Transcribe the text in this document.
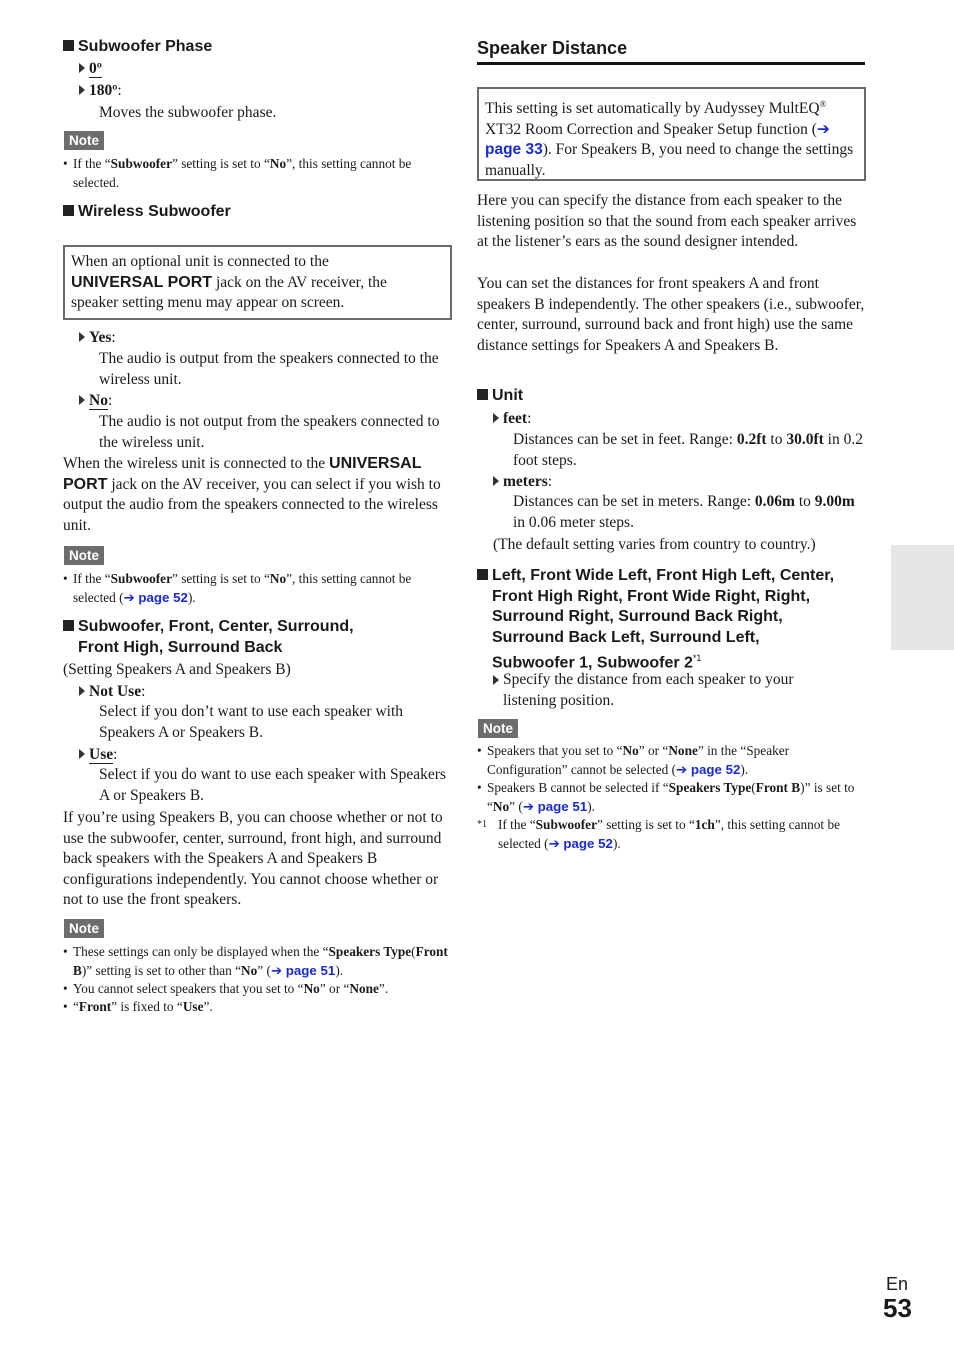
Subwoofer Phase
0º
180º:
Moves the subwoofer phase.
Note
• If the “Subwoofer” setting is set to “No”, this setting cannot be selected.
Wireless Subwoofer
When an optional unit is connected to the
UNIVERSAL PORT jack on the AV receiver, the
speaker setting menu may appear on screen.
Yes:
The audio is output from the speakers connected to the wireless unit.
No:
The audio is not output from the speakers connected to the wireless unit.
When the wireless unit is connected to the UNIVERSAL PORT jack on the AV receiver, you can select if you wish to output the audio from the speakers connected to the wireless unit.
Note
• If the “Subwoofer” setting is set to “No”, this setting cannot be selected (➔ page 52).
Subwoofer, Front, Center, Surround,
Front High, Surround Back
(Setting Speakers A and Speakers B)
Not Use:
Select if you don’t want to use each speaker with Speakers A or Speakers B.
Use:
Select if you do want to use each speaker with Speakers A or Speakers B.
If you’re using Speakers B, you can choose whether or not to use the subwoofer, center, surround, front high, and surround back speakers with the Speakers A and Speakers B configurations independently. You cannot choose whether or not to use the front speakers.
Note
• These settings can only be displayed when the “Speakers Type(Front B)” setting is set to other than “No” (➔ page 51).
• You cannot select speakers that you set to “No” or “None”.
• “Front” is fixed to “Use”.
Speaker Distance
This setting is set automatically by Audyssey MultEQ® XT32 Room Correction and Speaker Setup function (➔ page 33). For Speakers B, you need to change the settings manually.
Here you can specify the distance from each speaker to the listening position so that the sound from each speaker arrives at the listener’s ears as the sound designer intended.
You can set the distances for front speakers A and front speakers B independently. The other speakers (i.e., subwoofer, center, surround, surround back and front high) use the same distance settings for Speakers A and Speakers B.
Unit
feet:
Distances can be set in feet. Range: 0.2ft to 30.0ft in 0.2 foot steps.
meters:
Distances can be set in meters. Range: 0.06m to 9.00m in 0.06 meter steps.
(The default setting varies from country to country.)
Left, Front Wide Left, Front High Left, Center,
Front High Right, Front Wide Right, Right,
Surround Right, Surround Back Right,
Surround Back Left, Surround Left,
Subwoofer 1, Subwoofer 2$^{*1}$
Specify the distance from each speaker to your listening position.
Note
• Speakers that you set to “No” or “None” in the “Speaker Configuration” cannot be selected (➔ page 52).
• Speakers B cannot be selected if “Speakers Type(Front B)” is set to “No” (➔ page 51).
*1 If the “Subwoofer” setting is set to “1ch”, this setting cannot be selected (➔ page 52).
En
53
